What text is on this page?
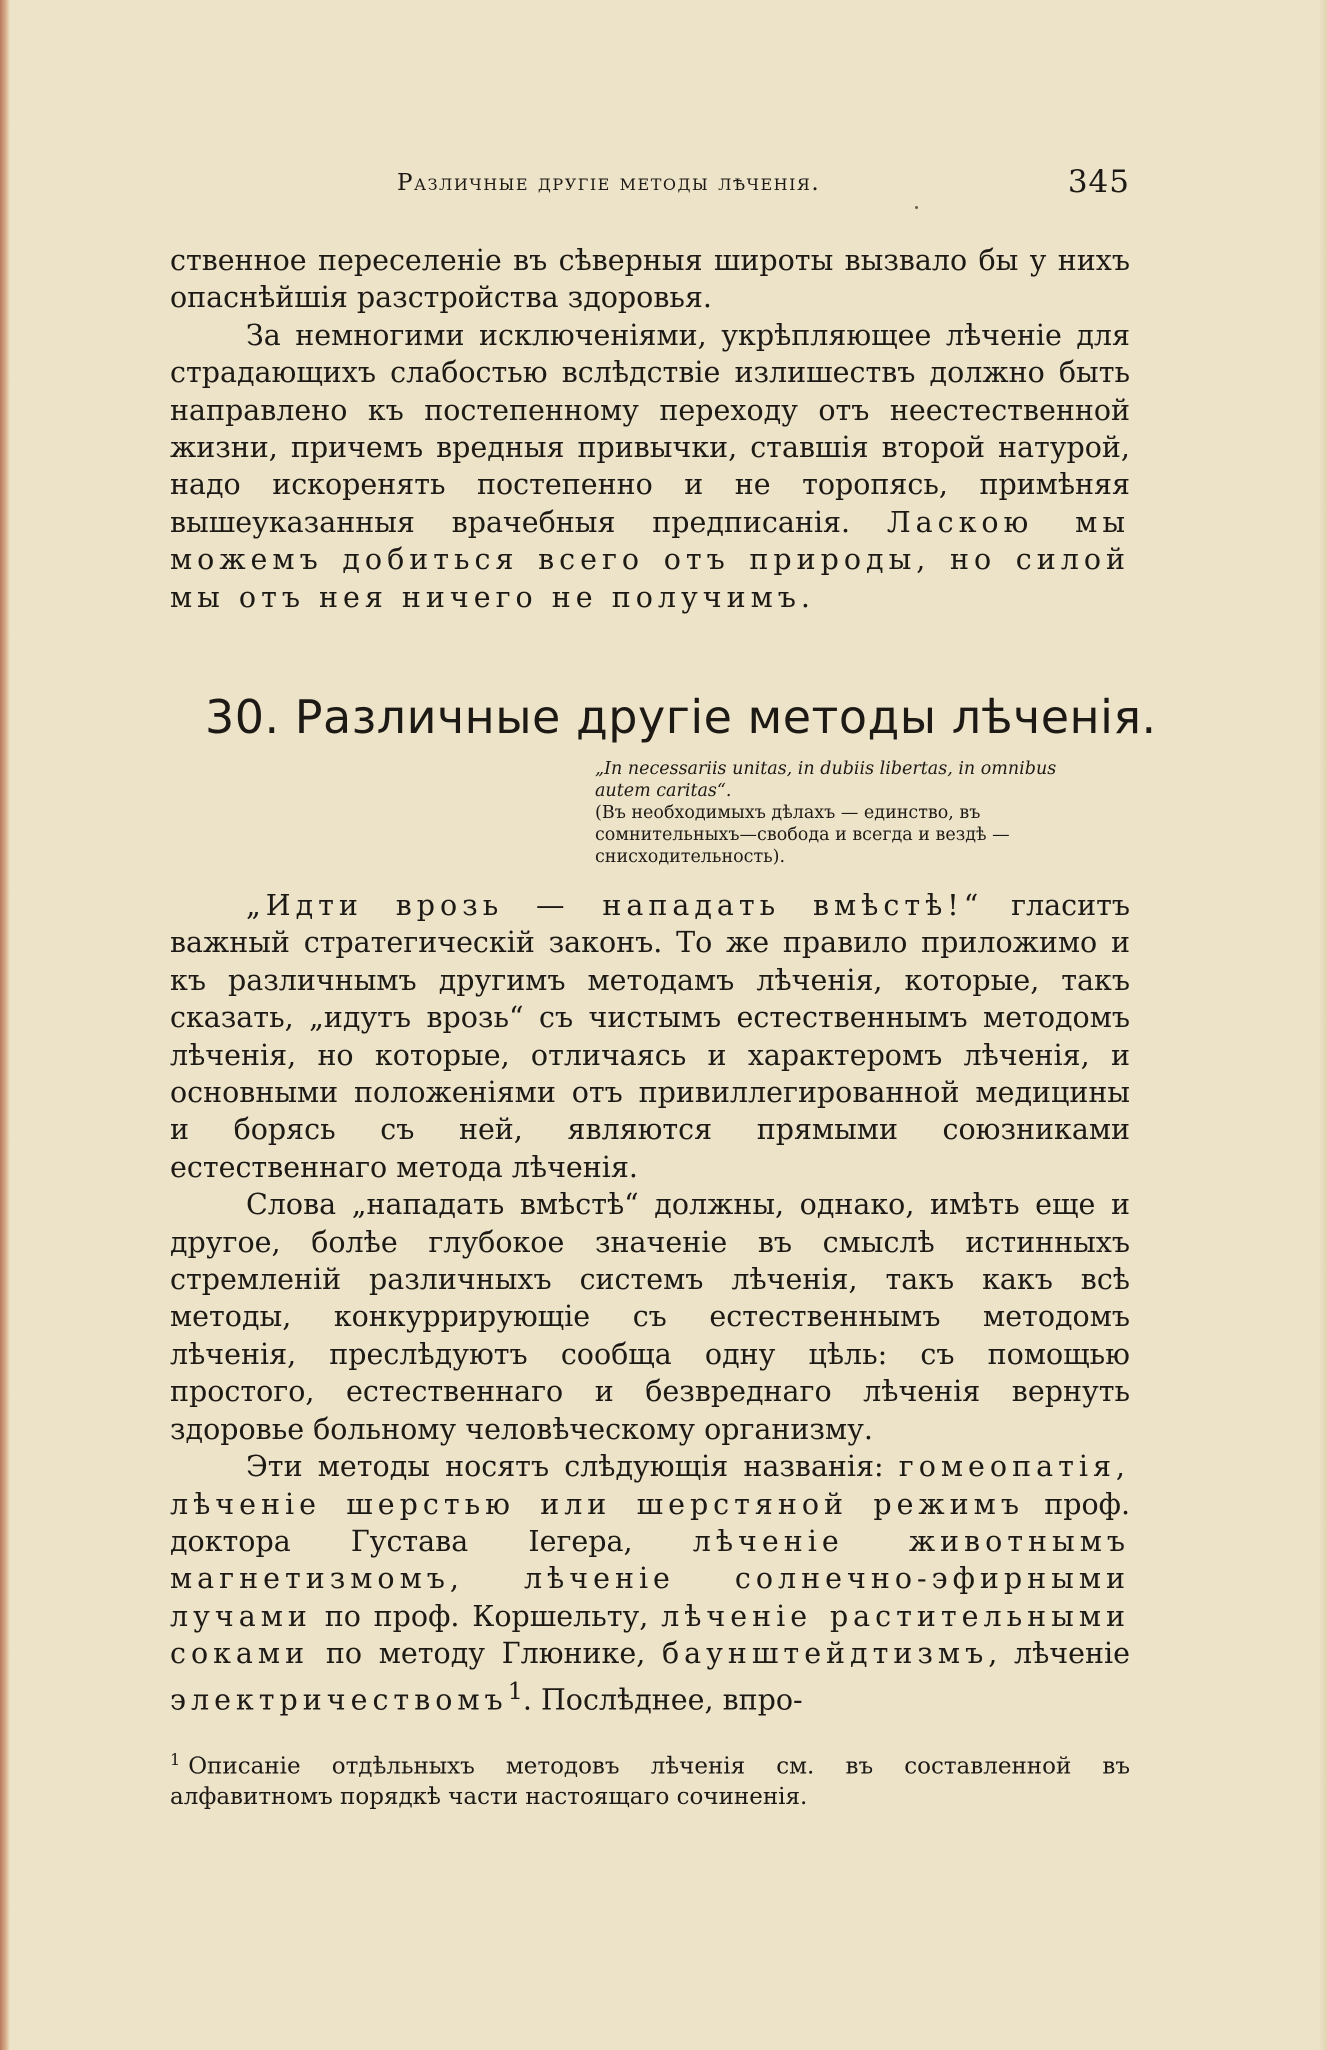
Различные другіе методы лѣченія.	345

ственное переселеніе въ сѣверныя широты вызвало бы у нихъ опаснѣйшія разстройства здоровья.

За немногими исключеніями, укрѣпляющее лѣченіе для страдающихъ слабостью вслѣдствіе излишествъ должно быть направлено къ постепенному переходу отъ неестественной жизни, причемъ вредныя привычки, ставшія второй натурой, надо искоренять постепенно и не торопясь, примѣняя вышеуказанныя врачебныя предписанія. Ласкою мы можемъ добиться всего отъ природы, но силой мы отъ нея ничего не получимъ.

30. Различные другіе методы лѣченія.
„In necessariis unitas, in dubiis libertas, in omnibus autem caritas“.
(Въ необходимыхъ дѣлахъ — единство, въ сомнительныхъ—свобода и всегда и вездѣ — снисходительность).

„Идти врозь — нападать вмѣстѣ!“ гласитъ важный стратегическій законъ. То же правило приложимо и къ различнымъ другимъ методамъ лѣченія, которые, такъ сказать, „идутъ врозь“ съ чистымъ естественнымъ методомъ лѣченія, но которые, отличаясь и характеромъ лѣченія, и основными положеніями отъ привиллегированной медицины и борясь съ ней, являются прямыми союзниками естественнаго метода лѣченія.

Слова „нападать вмѣстѣ“ должны, однако, имѣть еще и другое, болѣе глубокое значеніе въ смыслѣ истинныхъ стремленій различныхъ системъ лѣченія, такъ какъ всѣ методы, конкуррирующіе съ естественнымъ методомъ лѣченія, преслѣдуютъ сообща одну цѣль: съ помощью простого, естественнаго и безвреднаго лѣченія вернуть здоровье больному человѣческому организму.

Эти методы носятъ слѣдующія названія: гомеопатія, лѣченіе шерстью или шерстяной режимъ проф. доктора Густава Іегера, лѣченіе животнымъ магнетизмомъ, лѣченіе солнечно-эфирными лучами по проф. Коршельту, лѣченіе растительными соками по методу Глюнике, баунштейдтизмъ, лѣченіе электричествомъ$^1$. Послѣднее, впро-

$^1$ Описаніе отдѣльныхъ методовъ лѣченія см. въ составленной въ алфавитномъ порядкѣ части настоящаго сочиненія.
